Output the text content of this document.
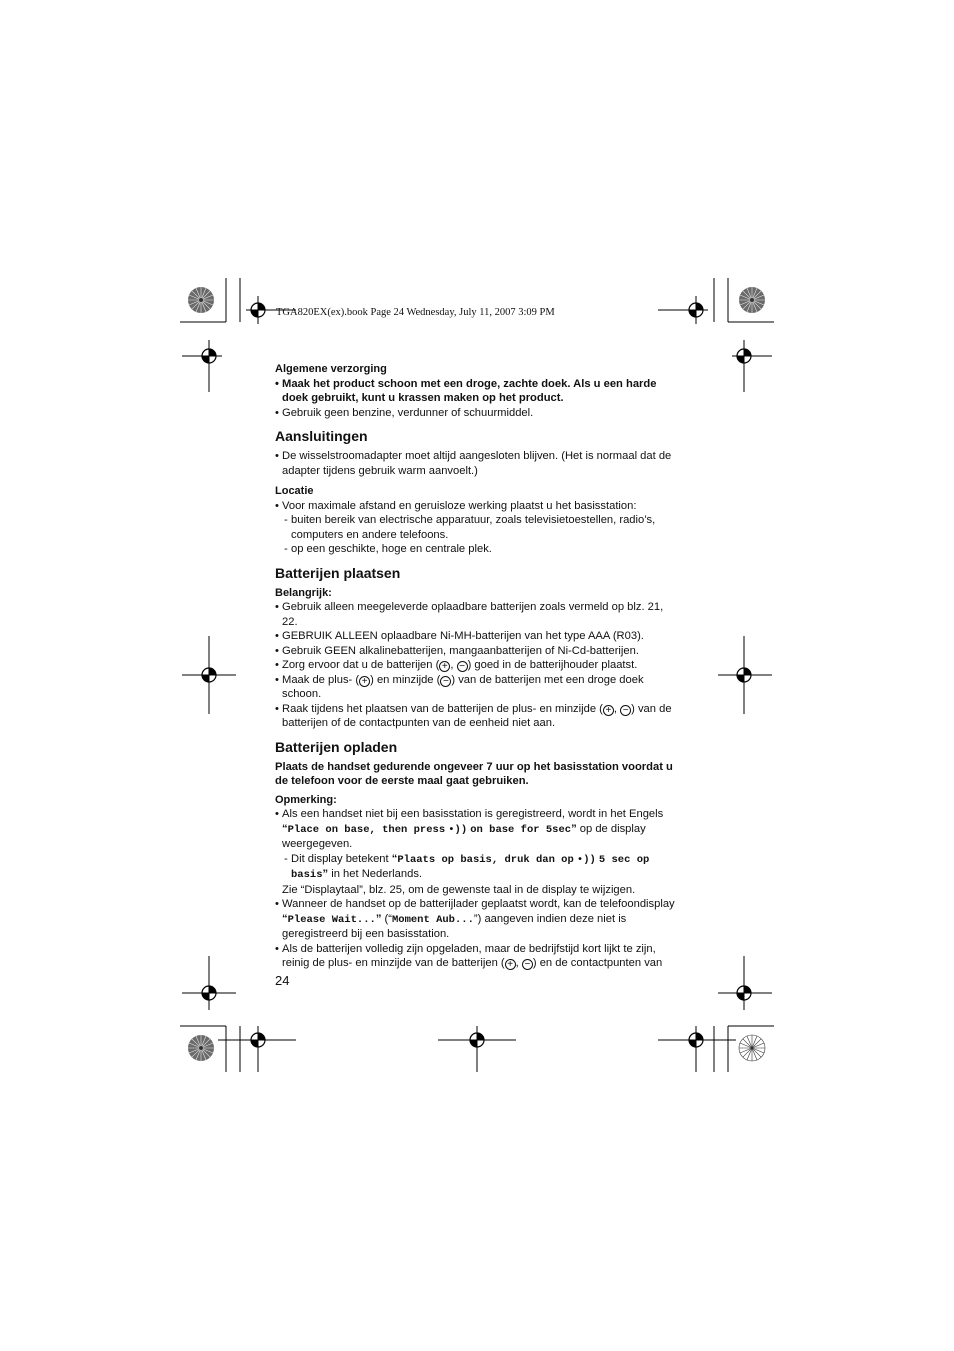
TGA820EX(ex).book Page 24 Wednesday, July 11, 2007 3:09 PM

Algemene verzorging

• Maak het product schoon met een droge, zachte doek. Als u een harde doek gebruikt, kunt u krassen maken op het product.

• Gebruik geen benzine, verdunner of schuurmiddel.

Aansluitingen

• De wisselstroomadapter moet altijd aangesloten blijven. (Het is normaal dat de adapter tijdens gebruik warm aanvoelt.)

Locatie

• Voor maximale afstand en geruisloze werking plaatst u het basisstation:

- buiten bereik van electrische apparatuur, zoals televisietoestellen, radio’s, computers en andere telefoons.

- op een geschikte, hoge en centrale plek.

Batterijen plaatsen

Belangrijk:

• Gebruik alleen meegeleverde oplaadbare batterijen zoals vermeld op blz. 21, 22.

• GEBRUIK ALLEEN oplaadbare Ni-MH-batterijen van het type AAA (R03).

• Gebruik GEEN alkalinebatterijen, mangaanbatterijen of Ni-Cd-batterijen.

• Zorg ervoor dat u de batterijen ( + , − ) goed in de batterijhouder plaatst.

• Maak de plus- ( + ) en minzijde ( − ) van de batterijen met een droge doek schoon.

• Raak tijdens het plaatsen van de batterijen de plus- en minzijde ( + , − ) van de batterijen of de contactpunten van de eenheid niet aan.

Batterijen opladen

Plaats de handset gedurende ongeveer 7 uur op het basisstation voordat u de telefoon voor de eerste maal gaat gebruiken.

Opmerking:

• Als een handset niet bij een basisstation is geregistreerd, wordt in het Engels “Place on base, then press •)) on base for 5sec” op de display weergegeven.

- Dit display betekent “Plaats op basis, druk dan op •)) 5 sec op basis” in het Nederlands.

Zie “Displaytaal”, blz. 25, om de gewenste taal in de display te wijzigen.

• Wanneer de handset op de batterijlader geplaatst wordt, kan de telefoondisplay “Please Wait...” (“Moment Aub...”) aangeven indien deze niet is geregistreerd bij een basisstation.

• Als de batterijen volledig zijn opgeladen, maar de bedrijfstijd kort lijkt te zijn, reinig de plus- en minzijde van de batterijen ( + , − ) en de contactpunten van

24
